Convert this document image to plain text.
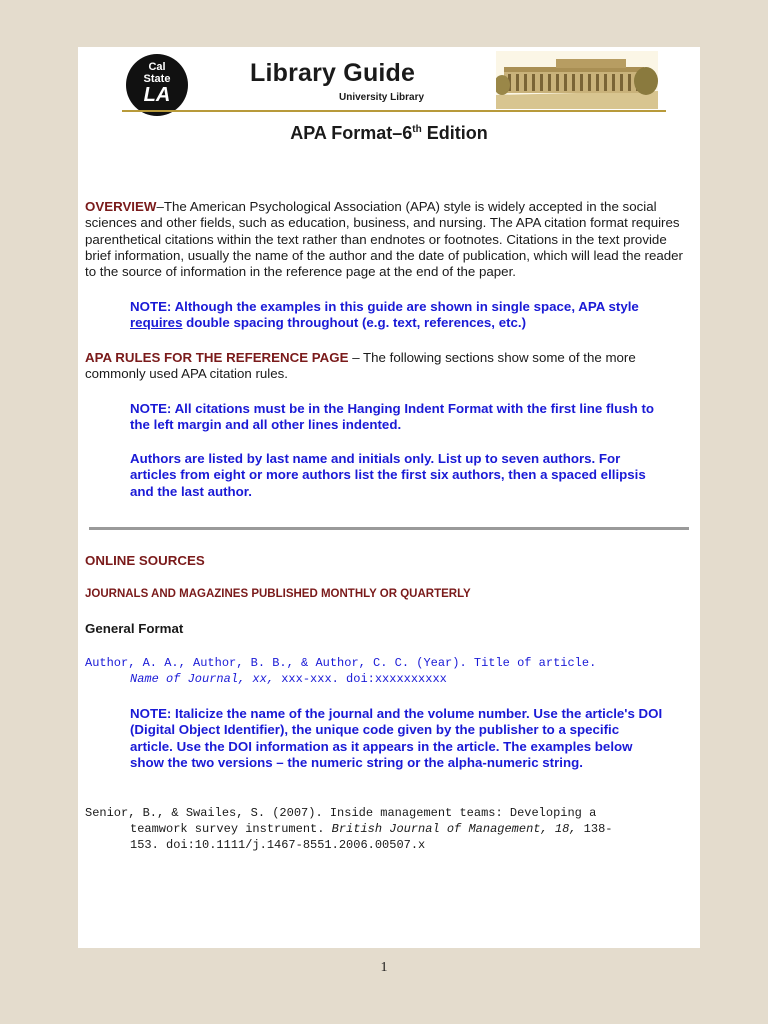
Cal
State
LA
Library Guide
University Library
APA Format–6th Edition
OVERVIEW–The American Psychological Association (APA) style is widely accepted in the social sciences and other fields, such as education, business, and nursing. The APA citation format requires parenthetical citations within the text rather than endnotes or footnotes. Citations in the text provide brief information, usually the name of the author and the date of publication, which will lead the reader to the source of information in the reference page at the end of the paper.
NOTE: Although the examples in this guide are shown in single space, APA style requires double spacing throughout (e.g. text, references, etc.)
APA RULES FOR THE REFERENCE PAGE – The following sections show some of the more commonly used APA citation rules.
NOTE: All citations must be in the Hanging Indent Format with the first line flush to the left margin and all other lines indented.
Authors are listed by last name and initials only. List up to seven authors. For articles from eight or more authors list the first six authors, then a spaced ellipsis and the last author.
ONLINE SOURCES
JOURNALS AND MAGAZINES PUBLISHED MONTHLY OR QUARTERLY
General Format
Author, A. A., Author, B. B., & Author, C. C. (Year). Title of article.
Name of Journal, xx, xxx-xxx. doi:xxxxxxxxxx
NOTE: Italicize the name of the journal and the volume number. Use the article's DOI (Digital Object Identifier), the unique code given by the publisher to a specific article. Use the DOI information as it appears in the article. The examples below show the two versions – the numeric string or the alpha-numeric string.
Senior, B., & Swailes, S. (2007). Inside management teams: Developing a
teamwork survey instrument. British Journal of Management, 18, 138-
153. doi:10.1111/j.1467-8551.2006.00507.x
1
